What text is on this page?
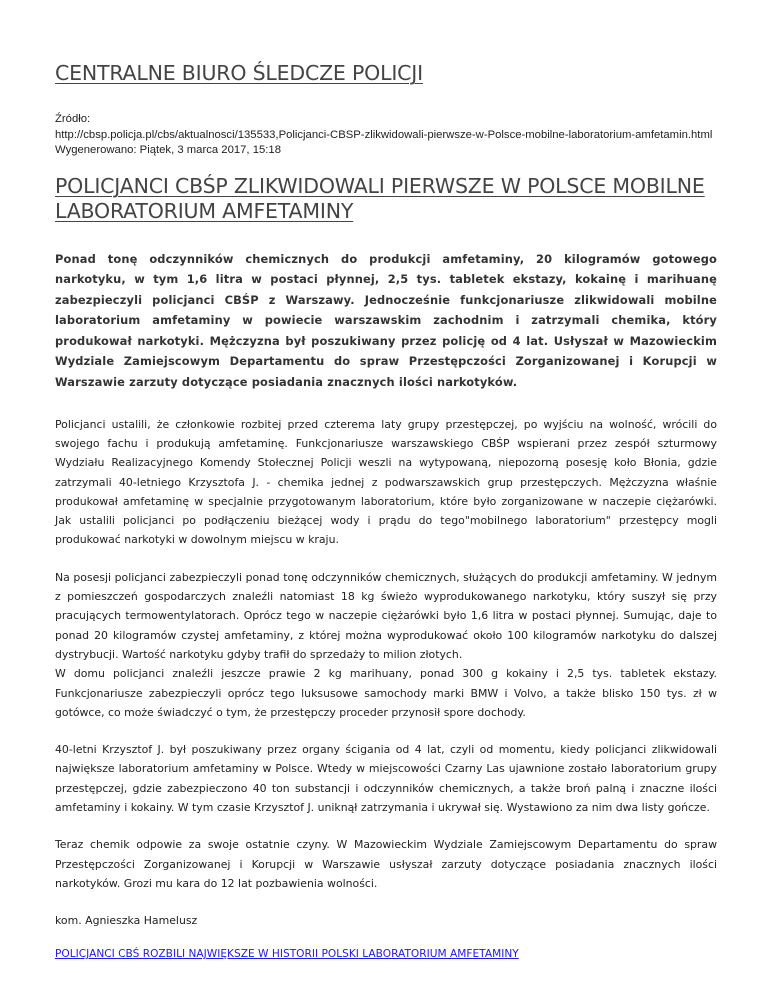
CENTRALNE BIURO ŚLEDCZE POLICJI
Źródło:
http://cbsp.policja.pl/cbs/aktualnosci/135533,Policjanci-CBSP-zlikwidowali-pierwsze-w-Polsce-mobilne-laboratorium-amfetamin.html
Wygenerowano: Piątek, 3 marca 2017, 15:18
POLICJANCI CBŚP ZLIKWIDOWALI PIERWSZE W POLSCE MOBILNE LABORATORIUM AMFETAMINY

Ponad tonę odczynników chemicznych do produkcji amfetaminy, 20 kilogramów gotowego narkotyku, w tym 1,6 litra w postaci płynnej, 2,5 tys. tabletek ekstazy, kokainę i marihuanę zabezpieczyli policjanci CBŚP z Warszawy. Jednocześnie funkcjonariusze zlikwidowali mobilne laboratorium amfetaminy w powiecie warszawskim zachodnim i zatrzymali chemika, który produkował narkotyki. Mężczyzna był poszukiwany przez policję od 4 lat. Usłyszał w Mazowieckim Wydziale Zamiejscowym Departamentu do spraw Przestępczości Zorganizowanej i Korupcji w Warszawie zarzuty dotyczące posiadania znacznych ilości narkotyków.

Policjanci ustalili, że członkowie rozbitej przed czterema laty grupy przestępczej, po wyjściu na wolność, wrócili do swojego fachu i produkują amfetaminę. Funkcjonariusze warszawskiego CBŚP wspierani przez zespół szturmowy Wydziału Realizacyjnego Komendy Stołecznej Policji weszli na wytypowaną, niepozorną posesję koło Błonia, gdzie zatrzymali 40-letniego Krzysztofa J. - chemika jednej z podwarszawskich grup przestępczych. Mężczyzna właśnie produkował amfetaminę w specjalnie przygotowanym laboratorium, które było zorganizowane w naczepie ciężarówki. Jak ustalili policjanci po podłączeniu bieżącej wody i prądu do tego"mobilnego laboratorium" przestępcy mogli produkować narkotyki w dowolnym miejscu w kraju.

Na posesji policjanci zabezpieczyli ponad tonę odczynników chemicznych, służących do produkcji amfetaminy. W jednym z pomieszczeń gospodarczych znaleźli natomiast 18 kg świeżo wyprodukowanego narkotyku, który suszył się przy pracujących termowentylatorach. Oprócz tego w naczepie ciężarówki było 1,6 litra w postaci płynnej. Sumując, daje to ponad 20 kilogramów czystej amfetaminy, z której można wyprodukować około 100 kilogramów narkotyku do dalszej dystrybucji. Wartość narkotyku gdyby trafił do sprzedaży to milion złotych.

W domu policjanci znaleźli jeszcze prawie 2 kg marihuany, ponad 300 g kokainy i 2,5 tys. tabletek ekstazy. Funkcjonariusze zabezpieczyli oprócz tego luksusowe samochody marki BMW i Volvo, a także blisko 150 tys. zł w gotówce, co może świadczyć o tym, że przestępczy proceder przynosił spore dochody.

40-letni Krzysztof J. był poszukiwany przez organy ścigania od 4 lat, czyli od momentu, kiedy policjanci zlikwidowali największe laboratorium amfetaminy w Polsce. Wtedy w miejscowości Czarny Las ujawnione zostało laboratorium grupy przestępczej, gdzie zabezpieczono 40 ton substancji i odczynników chemicznych, a także broń palną i znaczne ilości amfetaminy i kokainy. W tym czasie Krzysztof J. uniknął zatrzymania i ukrywał się. Wystawiono za nim dwa listy gończe.

Teraz chemik odpowie za swoje ostatnie czyny. W Mazowieckim Wydziale Zamiejscowym Departamentu do spraw Przestępczości Zorganizowanej i Korupcji w Warszawie usłyszał zarzuty dotyczące posiadania znacznych ilości narkotyków. Grozi mu kara do 12 lat pozbawienia wolności.

kom. Agnieszka Hamelusz
POLICJANCI CBŚ ROZBILI NAJWIĘKSZE W HISTORII POLSKI LABORATORIUM AMFETAMINY
